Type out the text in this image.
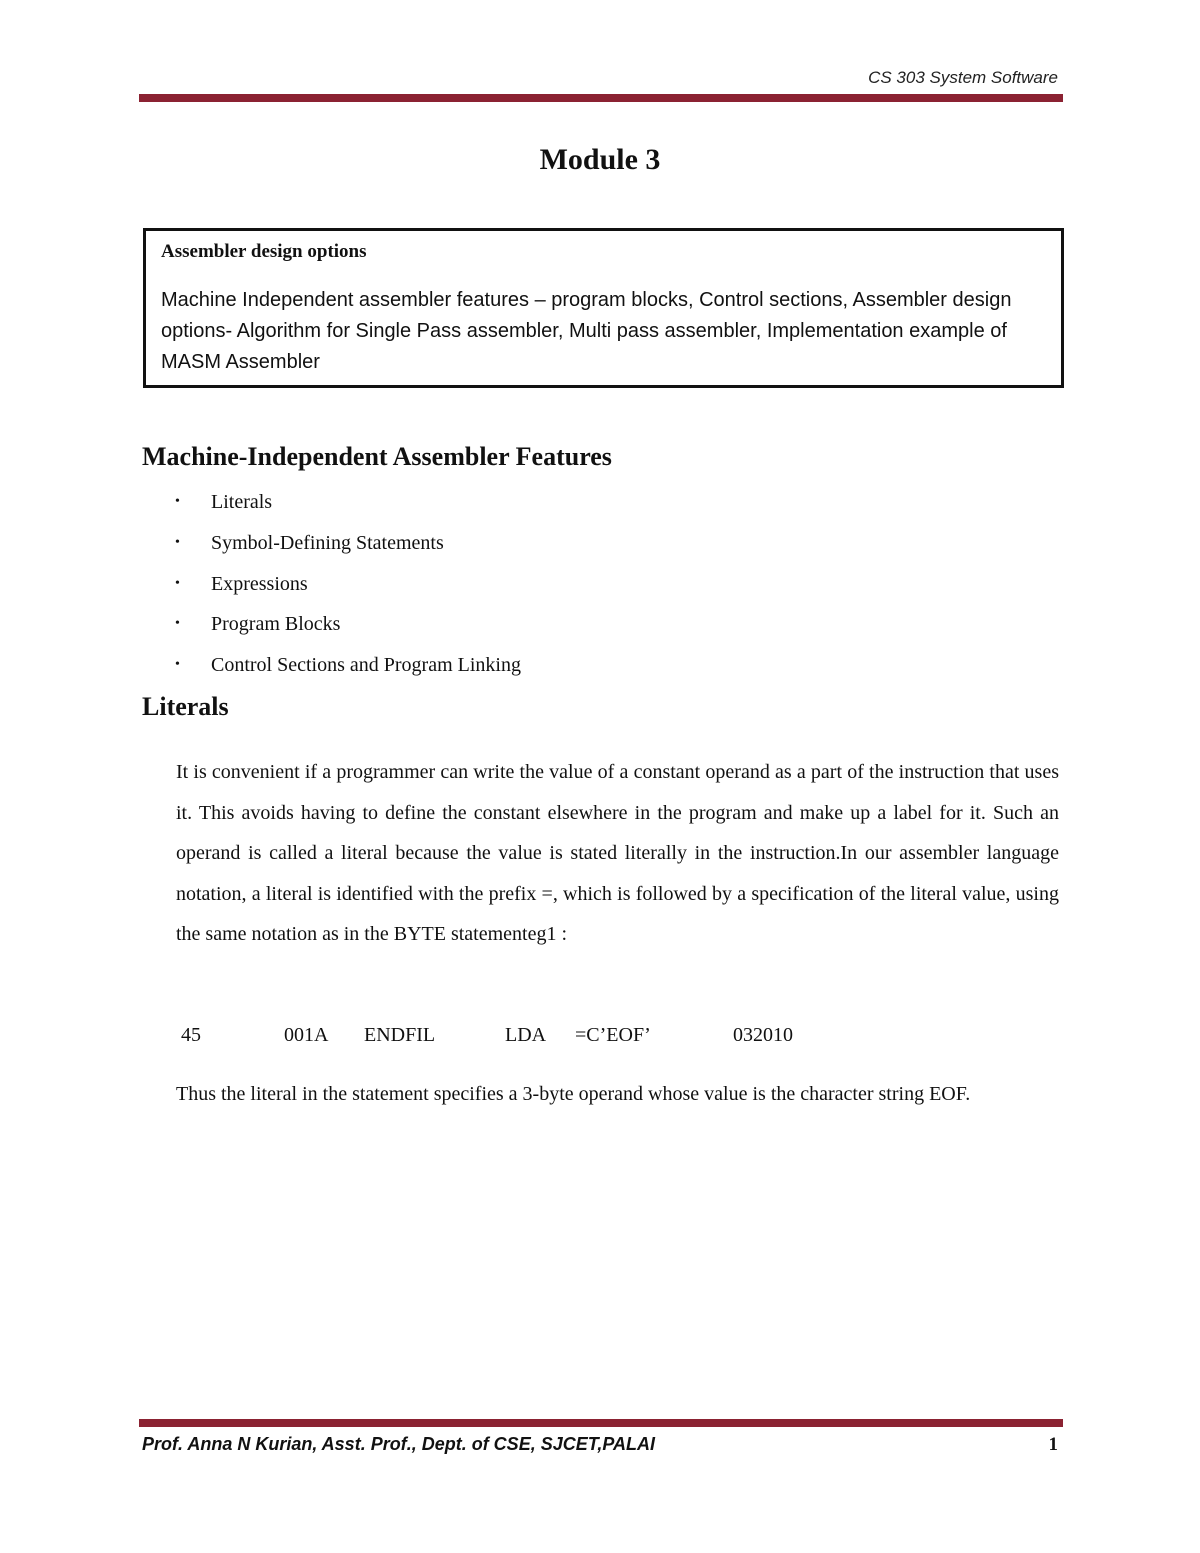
CS 303 System Software
Module 3

Assembler design options

Machine Independent assembler features – program blocks, Control sections, Assembler design options- Algorithm for Single Pass assembler, Multi pass assembler, Implementation example of MASM Assembler

Machine-Independent Assembler Features
•	Literals
•	Symbol-Defining Statements
•	Expressions
•	Program Blocks
•	Control Sections and Program Linking
Literals

It is convenient if a programmer can write the value of a constant operand as a part of the instruction that uses it. This avoids having to define the constant elsewhere in the program and make up a label for it. Such an operand is called a literal because the value is stated literally in the instruction.In our assembler language notation, a literal is identified with the prefix =, which is followed by a specification of the literal value, using the same notation as in the BYTE statementeg1 :

45	001A ENDFIL	LDA =C’EOF’	032010

Thus the literal in the statement specifies a 3-byte operand whose value is the character string EOF.

Prof. Anna N Kurian, Asst. Prof., Dept. of CSE, SJCET,PALAI	1
